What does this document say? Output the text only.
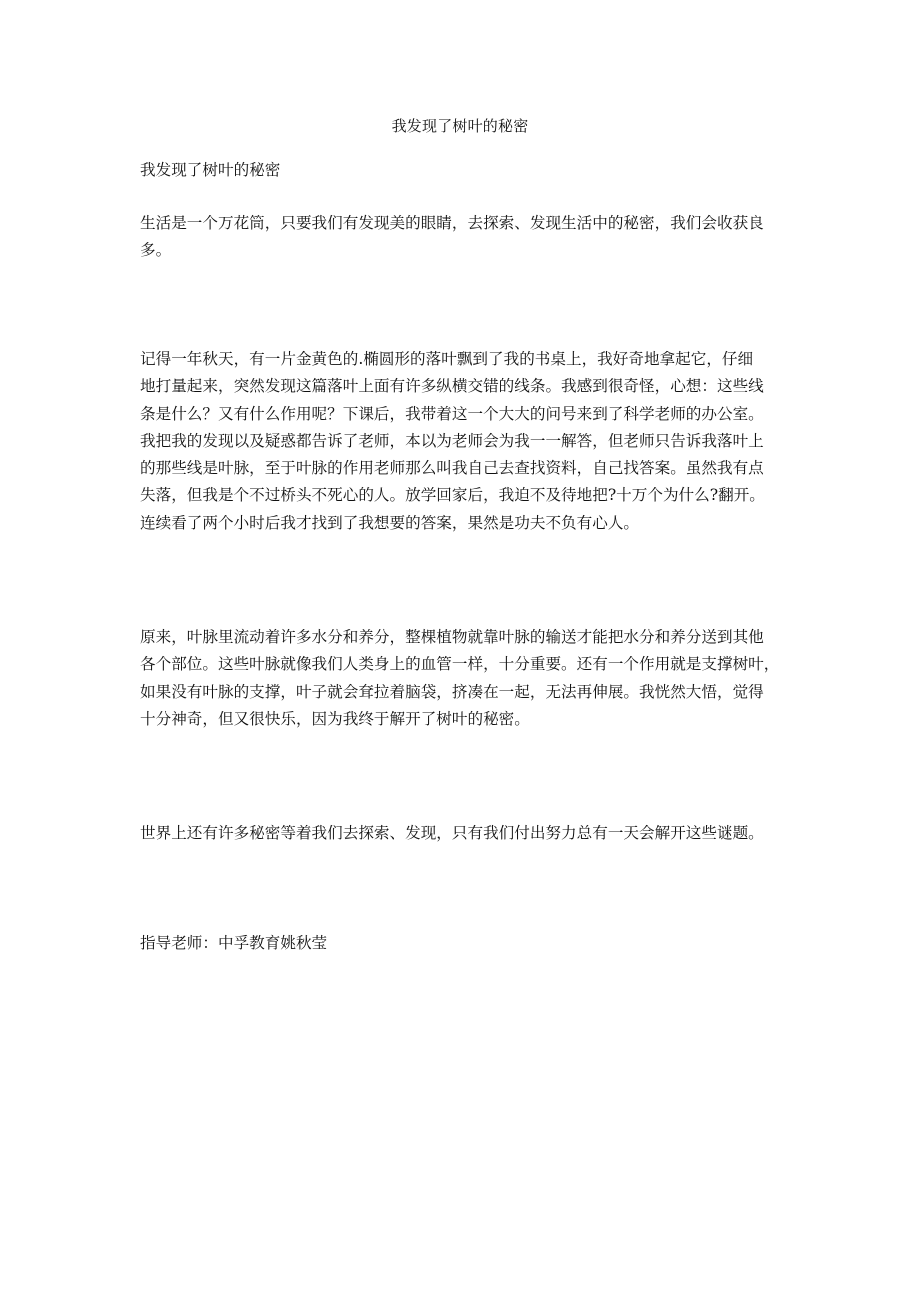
我发现了树叶的秘密

我发现了树叶的秘密

生活是一个万花筒，只要我们有发现美的眼睛，去探索、发现生活中的秘密，我们会收获良
多。

记得一年秋天，有一片金黄色的.椭圆形的落叶飘到了我的书桌上，我好奇地拿起它，仔细
地打量起来，突然发现这篇落叶上面有许多纵横交错的线条。我感到很奇怪，心想：这些线
条是什么？又有什么作用呢？下课后，我带着这一个大大的问号来到了科学老师的办公室。
我把我的发现以及疑惑都告诉了老师，本以为老师会为我一一解答，但老师只告诉我落叶上
的那些线是叶脉，至于叶脉的作用老师那么叫我自己去查找资料，自己找答案。虽然我有点
失落，但我是个不过桥头不死心的人。放学回家后，我迫不及待地把?十万个为什么?翻开。
连续看了两个小时后我才找到了我想要的答案，果然是功夫不负有心人。

原来，叶脉里流动着许多水分和养分，整棵植物就靠叶脉的输送才能把水分和养分送到其他
各个部位。这些叶脉就像我们人类身上的血管一样，十分重要。还有一个作用就是支撑树叶，
如果没有叶脉的支撑，叶子就会耷拉着脑袋，挤凑在一起，无法再伸展。我恍然大悟，觉得
十分神奇，但又很快乐，因为我终于解开了树叶的秘密。

世界上还有许多秘密等着我们去探索、发现，只有我们付出努力总有一天会解开这些谜题。

指导老师：中孚教育姚秋莹
